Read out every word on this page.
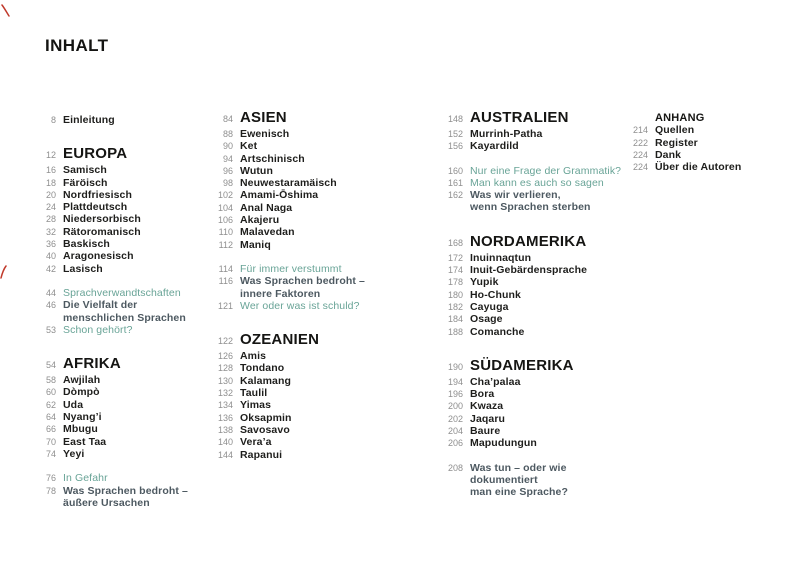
INHALT
8 Einleitung
12 EUROPA
16 Samisch
18 Färöisch
20 Nordfriesisch
24 Plattdeutsch
28 Niedersorbisch
32 Rätoromanisch
36 Baskisch
40 Aragonesisch
42 Lasisch
44 Sprachverwandtschaften
46 Die Vielfalt der
menschlichen Sprachen
53 Schon gehört?
54 AFRIKA
58 Awjilah
60 Dòmpò
62 Uda
64 Nyang’i
66 Mbugu
70 East Taa
74 Yeyi
76 In Gefahr
78 Was Sprachen bedroht –
äußere Ursachen
84 ASIEN
88 Ewenisch
90 Ket
94 Artschinisch
96 Wutun
98 Neuwestaramäisch
102 Amami-Ōshima
104 Anal Naga
106 Akajeru
110 Malavedan
112 Maniq
114 Für immer verstummt
116 Was Sprachen bedroht –
innere Faktoren
121 Wer oder was ist schuld?
122 OZEANIEN
126 Amis
128 Tondano
130 Kalamang
132 Taulil
134 Yimas
136 Oksapmin
138 Savosavo
140 Vera’a
144 Rapanui
148 AUSTRALIEN
152 Murrinh-Patha
156 Kayardild
160 Nur eine Frage der Grammatik?
161 Man kann es auch so sagen
162 Was wir verlieren,
wenn Sprachen sterben
168 NORDAMERIKA
172 Inuinnaqtun
174 Inuit-Gebärdensprache
178 Yupik
180 Ho-Chunk
182 Cayuga
184 Osage
188 Comanche
190 SÜDAMERIKA
194 Cha’palaa
196 Bora
200 Kwaza
202 Jaqaru
204 Baure
206 Mapudungun
208 Was tun – oder wie dokumentiert
man eine Sprache?
ANHANG
214 Quellen
222 Register
224 Dank
224 Über die Autoren
